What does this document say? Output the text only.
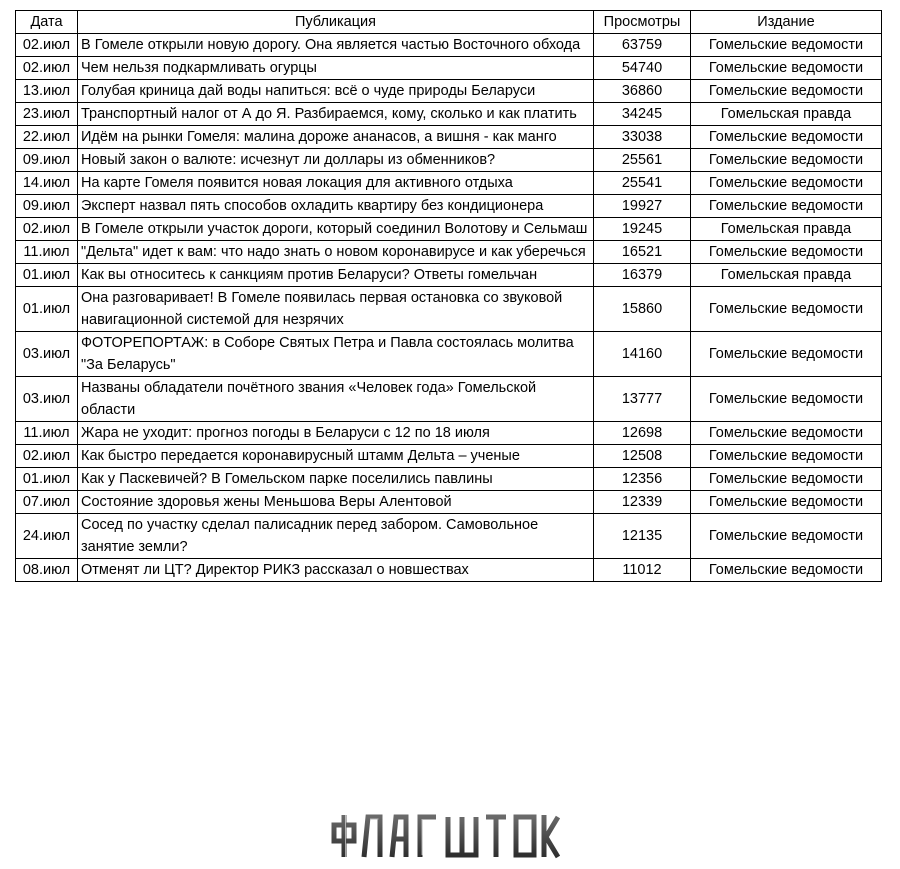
Дата	Публикация	Просмотры	Издание
02.июл	В Гомеле открыли новую дорогу. Она является частью Восточного обхода	63759	Гомельские ведомости
02.июл	Чем нельзя подкармливать огурцы	54740	Гомельские ведомости
13.июл	Голубая криница дай воды напиться: всё о чуде природы Беларуси	36860	Гомельские ведомости
23.июл	Транспортный налог от А до Я. Разбираемся, кому, сколько и как платить	34245	Гомельская правда
22.июл	Идём на рынки Гомеля: малина дороже ананасов, а вишня - как манго	33038	Гомельские ведомости
09.июл	Новый закон о валюте: исчезнут ли доллары из обменников?	25561	Гомельские ведомости
14.июл	На карте Гомеля появится новая локация для активного отдыха	25541	Гомельские ведомости
09.июл	Эксперт назвал пять способов охладить квартиру без кондиционера	19927	Гомельские ведомости
02.июл	В Гомеле открыли участок дороги, который соединил Волотову и Сельмаш	19245	Гомельская правда
11.июл	"Дельта" идет к вам: что надо знать о новом коронавирусе и как уберечься	16521	Гомельские ведомости
01.июл	Как вы относитесь к санкциям против Беларуси? Ответы гомельчан	16379	Гомельская правда
01.июл	Она разговаривает! В Гомеле появилась первая остановка со звуковой навигационной системой для незрячих	15860	Гомельские ведомости
03.июл	ФОТОРЕПОРТАЖ: в Соборе Святых Петра и Павла состоялась молитва "За Беларусь"	14160	Гомельские ведомости
03.июл	Названы обладатели почётного звания «Человек года» Гомельской области	13777	Гомельские ведомости
11.июл	Жара не уходит: прогноз погоды в Беларуси с 12 по 18 июля	12698	Гомельские ведомости
02.июл	Как быстро передается коронавирусный штамм Дельта – ученые	12508	Гомельские ведомости
01.июл	Как у Паскевичей? В Гомельском парке поселились павлины	12356	Гомельские ведомости
07.июл	Состояние здоровья жены Меньшова Веры Алентовой	12339	Гомельские ведомости
24.июл	Сосед по участку сделал палисадник перед забором. Самовольное занятие земли?	12135	Гомельские ведомости
08.июл	Отменят ли ЦТ? Директор РИКЗ рассказал о новшествах	11012	Гомельские ведомости
